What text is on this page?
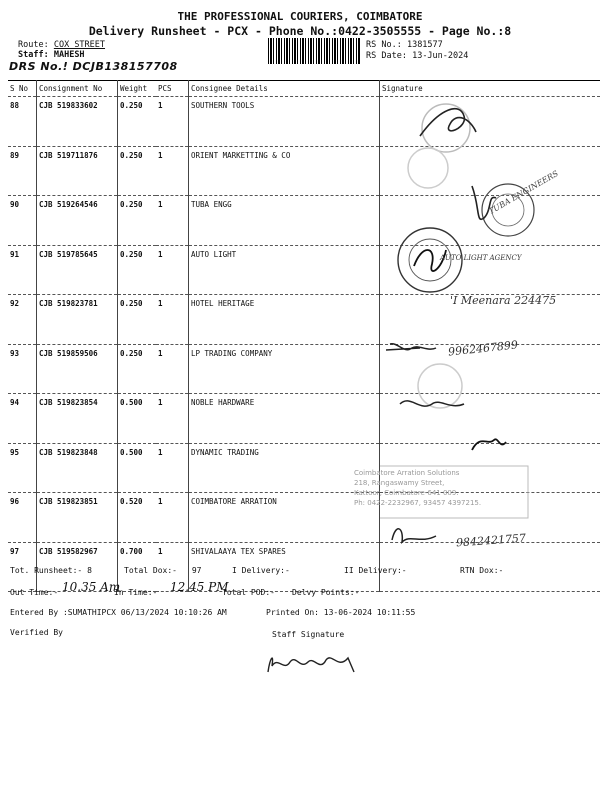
THE PROFESSIONAL COURIERS, COIMBATORE
Delivery Runsheet - PCX - Phone No.:0422-3505555 - Page No.:8
Route: COX STREET
Staff: MAHESH
DRS No.! DCJB138157708
RS No.: 1381577
RS Date: 13-Jun-2024
S No	Consignment No	Weight	PCS	Consignee Details	Signature
88	CJB 519833602	0.250	1	SOUTHERN TOOLS	
89	CJB 519711876	0.250	1	ORIENT MARKETTING & CO	
90	CJB 519264546	0.250	1	TUBA ENGG	
91	CJB 519785645	0.250	1	AUTO LIGHT	
92	CJB 519823781	0.250	1	HOTEL HERITAGE	
93	CJB 519859506	0.250	1	LP TRADING COMPANY	
94	CJB 519823854	0.500	1	NOBLE HARDWARE	
95	CJB 519823848	0.500	1	DYNAMIC TRADING	
96	CJB 519823851	0.520	1	COIMBATORE ARRATION	
97	CJB 519582967	0.700	1	SHIVALAAYA TEX SPARES	
TUBA ENGINEERS
AUTO LIGHT AGENCY
'I Meenara 224475
9962467899
Coimbatore Arration Solutions
218, Rangaswamy Street,
Kattoor, Coimbatore-641 009.
Ph: 0422-2232967, 93457 4397215.
9842421757
Tot. Runsheet:- 8	Total Dox:- 97	I Delivery:-	II Delivery:-	RTN Dox:-
Out Time:- 10.35 Am
In Time:- 12.45 PM
Total POD:- Delvy Points:-
Entered By :SUMATHIPCX 06/13/2024 10:10:26 AM	Printed On: 13-06-2024 10:11:55
Verified By	Staff Signature
